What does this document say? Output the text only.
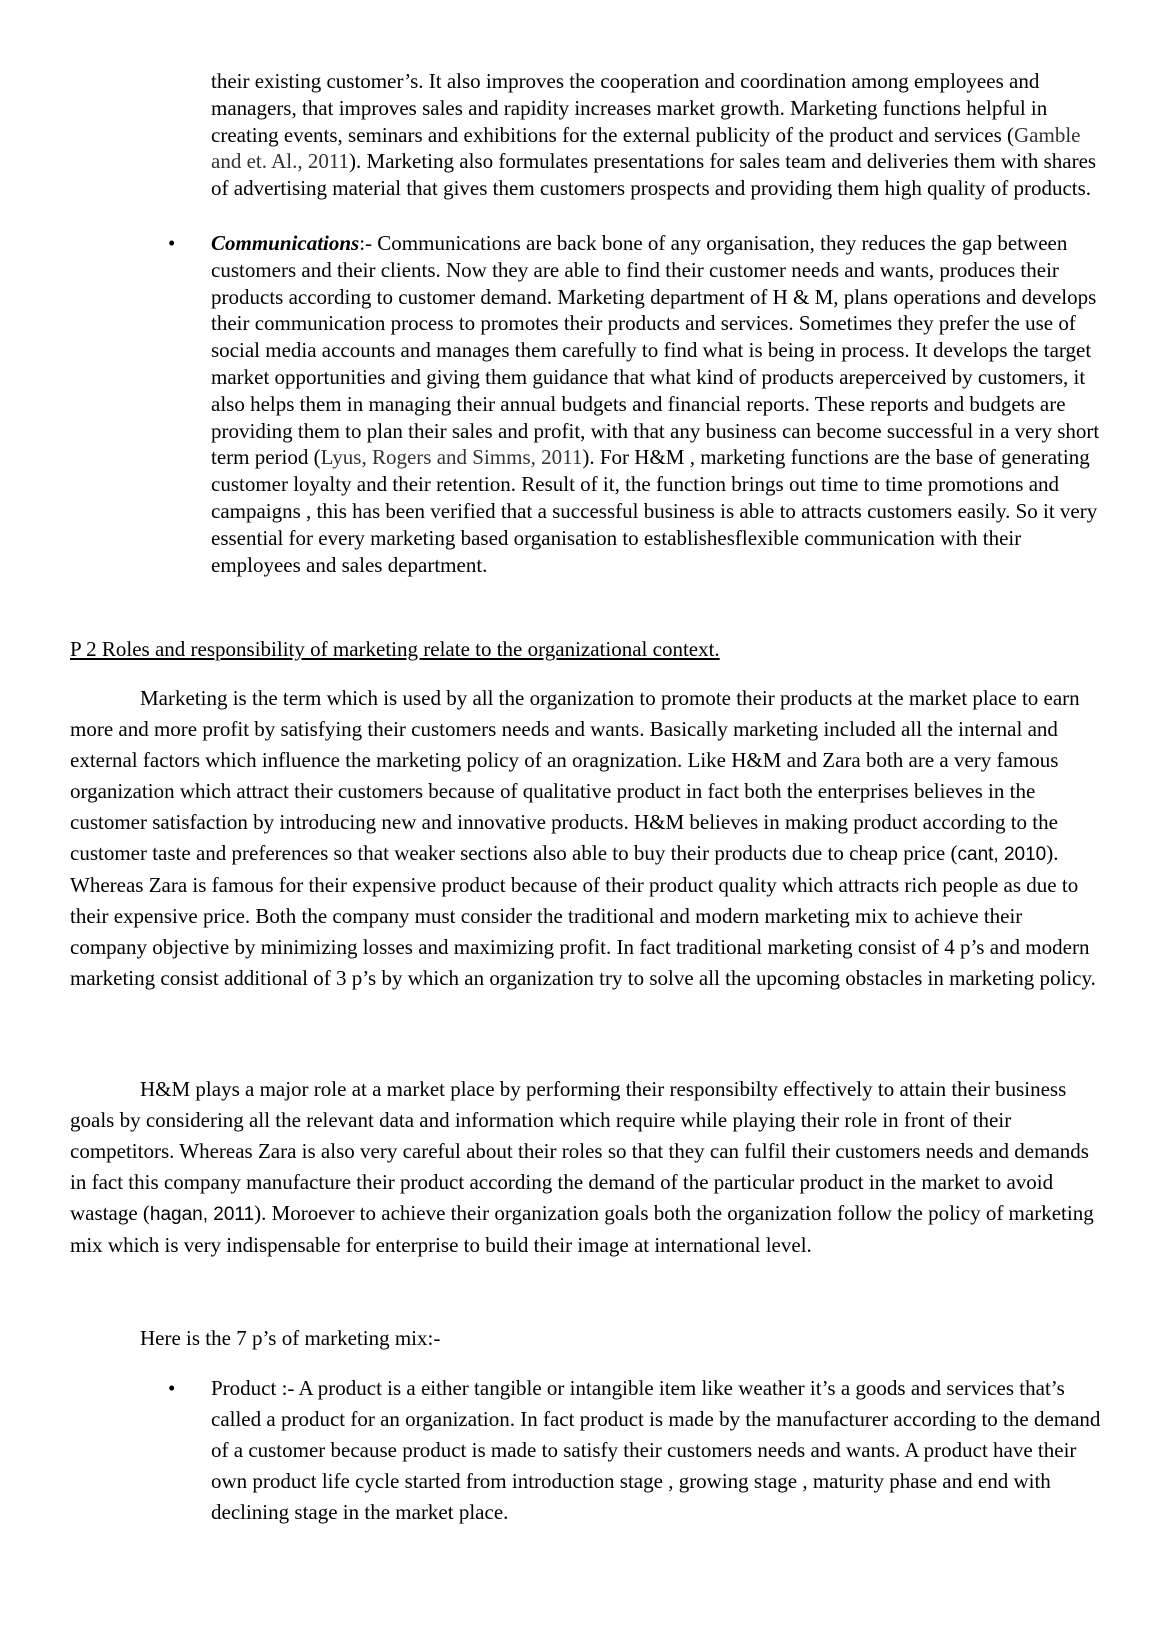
their existing customer’s. It also improves the cooperation and coordination among employees and managers, that improves sales and rapidity increases market growth. Marketing functions helpful in creating events, seminars and exhibitions for the external publicity of the product and services (Gamble and et. Al., 2011). Marketing also formulates presentations for sales team and deliveries them with shares of advertising material that gives them customers prospects and providing them high quality of products.

• Communications:- Communications are back bone of any organisation, they reduces the gap between customers and their clients. Now they are able to find their customer needs and wants, produces their products according to customer demand. Marketing department of H & M, plans operations and develops their communication process to promotes their products and services. Sometimes they prefer the use of social media accounts and manages them carefully to find what is being in process. It develops the target market opportunities and giving them guidance that what kind of products areperceived by customers, it also helps them in managing their annual budgets and financial reports. These reports and budgets are providing them to plan their sales and profit, with that any business can become successful in a very short term period (Lyus, Rogers and Simms, 2011). For H&M , marketing functions are the base of generating customer loyalty and their retention. Result of it, the function brings out time to time promotions and campaigns , this has been verified that a successful business is able to attracts customers easily. So it very essential for every marketing based organisation to establishesflexible communication with their employees and sales department.

P 2 Roles and responsibility of marketing relate to the organizational context.

Marketing is the term which is used by all the organization to promote their products at the market place to earn more and more profit by satisfying their customers needs and wants. Basically marketing included all the internal and external factors which influence the marketing policy of an oragnization. Like H&M and Zara both are a very famous organization which attract their customers because of qualitative product in fact both the enterprises believes in the customer satisfaction by introducing new and innovative products. H&M believes in making product according to the customer taste and preferences so that weaker sections also able to buy their products due to cheap price (cant, 2010). Whereas Zara is famous for their expensive product because of their product quality which attracts rich people as due to their expensive price. Both the company must consider the traditional and modern marketing mix to achieve their company objective by minimizing losses and maximizing profit. In fact traditional marketing consist of 4 p’s and modern marketing consist additional of 3 p’s by which an organization try to solve all the upcoming obstacles in marketing policy.

H&M plays a major role at a market place by performing their responsibilty effectively to attain their business goals by considering all the relevant data and information which require while playing their role in front of their competitors. Whereas Zara is also very careful about their roles so that they can fulfil their customers needs and demands in fact this company manufacture their product according the demand of the particular product in the market to avoid wastage (hagan, 2011). Moroever to achieve their organization goals both the organization follow the policy of marketing mix which is very indispensable for enterprise to build their image at international level.

Here is the 7 p’s of marketing mix:-

• Product :- A product is a either tangible or intangible item like weather it’s a goods and services that’s called a product for an organization. In fact product is made by the manufacturer according to the demand of a customer because product is made to satisfy their customers needs and wants. A product have their own product life cycle started from introduction stage , growing stage , maturity phase and end with declining stage in the market place.
